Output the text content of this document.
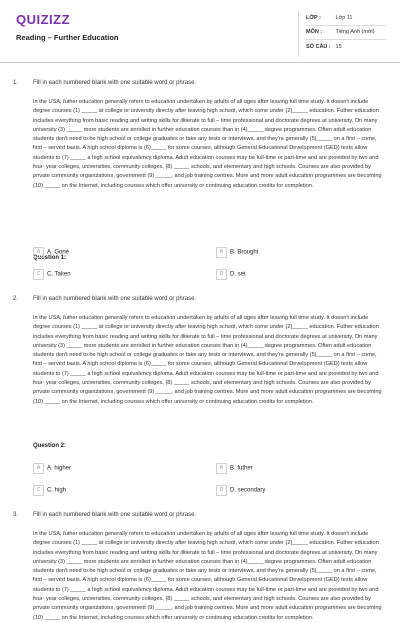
QUIZIZZ
Reading – Further Education
LỚP :	Lớp 11
MÔN : Tiếng Anh (mới)
SỐ CÂU : 15
1. Fill in each numbered blank with one suitable word or phrase.

In the USA, futher education generally refers to education undertaken by adults of all ages after leaving full time study. It doesn't include degree courses (1) _____ at college or university directly after leaving high school, which come under (2)_____ education. Futher education includes everything from basic reading and writing skills for illiterate to full – time professional and doctorate degrees at university. On many university (3) _____ more students are enrolled in further education courses than in (4)_____ degree programmes. Often adult education students don't need to be high school or college graduates or take any tests or interviews, and they're generally (5)_____ on a first – come, first – served basis. A high school diploma is (6)_____ for some courses, although General Educational Development (GED) tests allow students to (7) _____ a high school equivalency diploma. Adult education courses may be full-time or part-time and are provided by two and four- year colleges, universities, community colleges, (8) _____ schools, and elementary and high schools. Courses are also provided by private community organizations, government (9) _____, and job training centres. More and more adult education programmes are becoming (10) _____ on the Internet, including courses which offer university or continuing education credits for completion.

Question 1:
A A. Gone	B B. Brought
C C. Taken	D D. set
2. Fill in each numbered blank with one suitable word or phrase.

In the USA, futher education generally refers to education undertaken by adults of all ages after leaving full time study. It doesn't include degree courses (1) _____ at college or university directly after leaving high school, which come under (2)_____ education. Futher education includes everything from basic reading and writing skills for illiterate to full – time professional and doctorate degrees at university. On many university (3) _____ more students are enrolled in further education courses than in (4)_____ degree programmes. Often adult education students don't need to be high school or college graduates or take any tests or interviews, and they're generally (5)_____ on a first – come, first – served basis. A high school diploma is (6)_____ for some courses, although General Educational Development (GED) tests allow students to (7) _____ a high school equivalency diploma. Adult education courses may be full-time or part-time and are provided by two and four- year colleges, universities, community colleges, (8) _____ schools, and elementary and high schools. Courses are also provided by private community organizations, government (9) _____, and job training centres. More and more adult education programmes are becoming (10) _____ on the Internet, including courses which offer university or continuing education credits for completion.

Question 2:
A A. higher	B B. futher
C C. high	D D. secondary
3. Fill in each numbered blank with one suitable word or phrase.

In the USA, futher education generally refers to education undertaken by adults of all ages after leaving full time study. It doesn't include degree courses (1) _____ at college or university directly after leaving high school, which come under (2)_____ education. Futher education includes everything from basic reading and writing skills for illiterate to full – time professional and doctorate degrees at university. On many university (3) _____ more students are enrolled in further education courses than in (4)_____ degree programmes. Often adult education students don't need to be high school or college graduates or take any tests or interviews, and they're generally (5)_____ on a first – come, first – served basis. A high school diploma is (6)_____ for some courses, although General Educational Development (GED) tests allow students to (7) _____ a high school equivalency diploma. Adult education courses may be full-time or part-time and are provided by two and four- year colleges, universities, community colleges, (8) _____ schools, and elementary and high schools. Courses are also provided by private community organizations, government (9) _____, and job training centres. More and more adult education programmes are becoming (10) _____ on the Internet, including courses which offer university or continuing education credits for completion.
